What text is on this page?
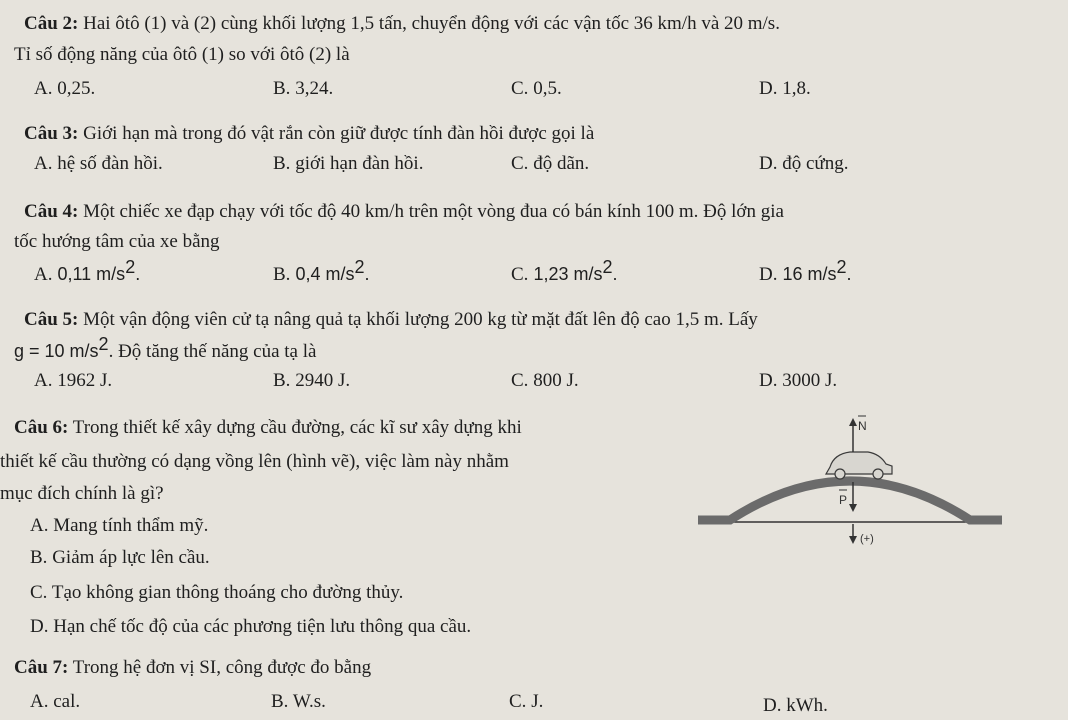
Câu 2: Hai ôtô (1) và (2) cùng khối lượng 1,5 tấn, chuyển động với các vận tốc 36 km/h và 20 m/s.
Tỉ số động năng của ôtô (1) so với ôtô (2) là
A. 0,25.	B. 3,24.	C. 0,5.	D. 1,8.
Câu 3: Giới hạn mà trong đó vật rắn còn giữ được tính đàn hồi được gọi là
A. hệ số đàn hồi.	B. giới hạn đàn hồi.	C. độ dãn.	D. độ cứng.
Câu 4: Một chiếc xe đạp chạy với tốc độ 40 km/h trên một vòng đua có bán kính 100 m. Độ lớn gia
tốc hướng tâm của xe bằng
A. 0,11 $m/s^2$.	B. 0,4 $m/s^2$.	C. 1,23 $m/s^2$.	D. 16 $m/s^2$.
Câu 5: Một vận động viên cử tạ nâng quả tạ khối lượng 200 kg từ mặt đất lên độ cao 1,5 m. Lấy
g = 10 $m/s^2$. Độ tăng thế năng của tạ là
A. 1962 J.	B. 2940 J.	C. 800 J.	D. 3000 J.
Câu 6: Trong thiết kế xây dựng cầu đường, các kĩ sư xây dựng khi
thiết kế cầu thường có dạng vồng lên (hình vẽ), việc làm này nhằm
mục đích chính là gì?
A. Mang tính thẩm mỹ.
B. Giảm áp lực lên cầu.
C. Tạo không gian thông thoáng cho đường thủy.
D. Hạn chế tốc độ của các phương tiện lưu thông qua cầu.
N
P
(+)
Câu 7: Trong hệ đơn vị SI, công được đo bằng
A. cal.	B. W.s.	C. J.	D. kWh.
